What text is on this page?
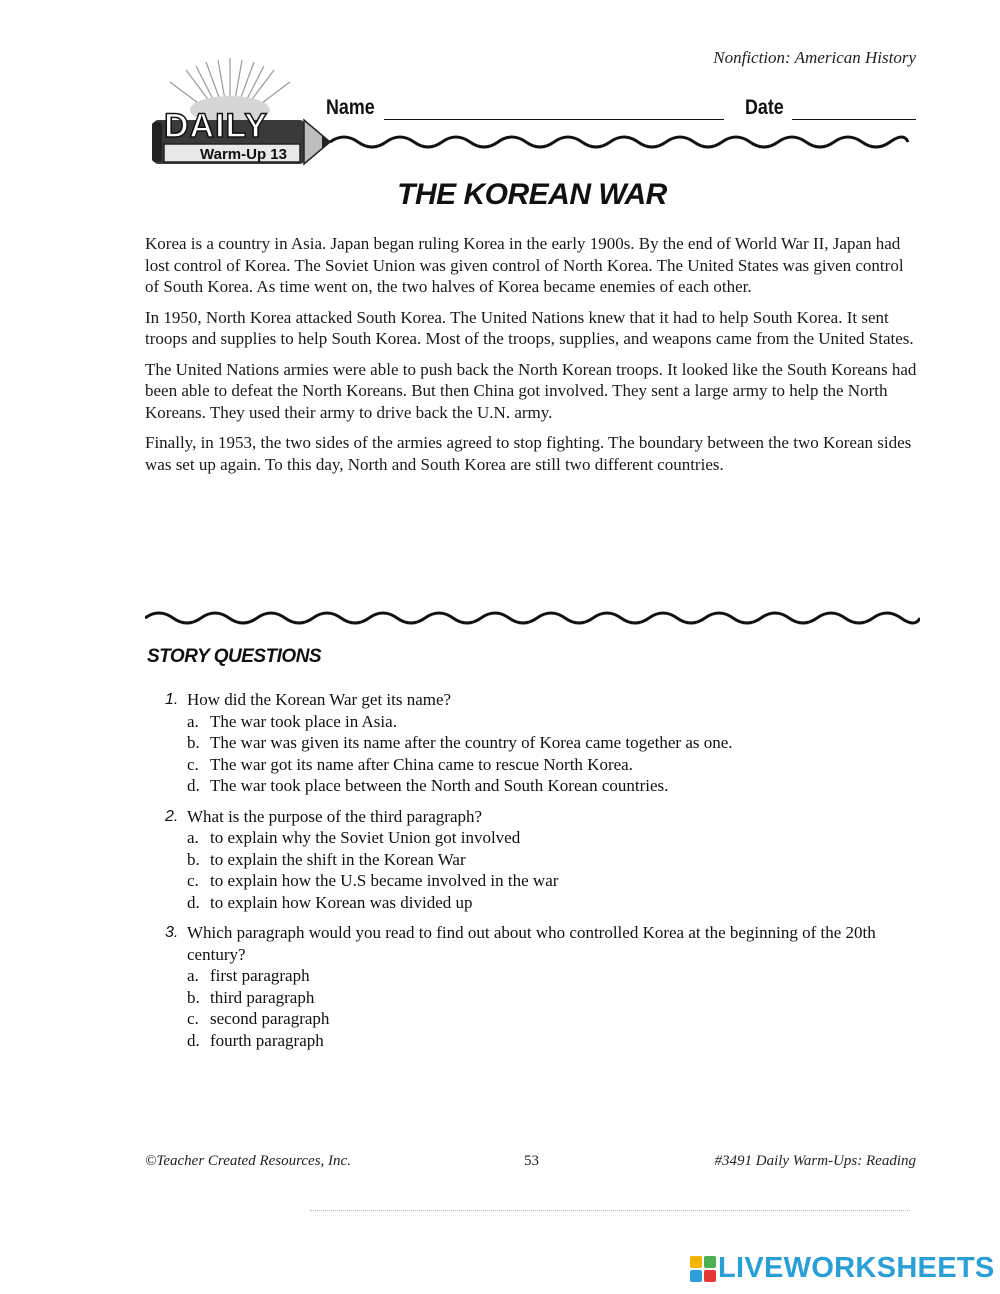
Nonfiction: American History
DAILY
Warm-Up 13
Name	Date
THE KOREAN WAR

Korea is a country in Asia. Japan began ruling Korea in the early 1900s. By the end of World War II, Japan had lost control of Korea. The Soviet Union was given control of North Korea. The United States was given control of South Korea. As time went on, the two halves of Korea became enemies of each other.

In 1950, North Korea attacked South Korea. The United Nations knew that it had to help South Korea. It sent troops and supplies to help South Korea. Most of the troops, supplies, and weapons came from the United States.

The United Nations armies were able to push back the North Korean troops. It looked like the South Koreans had been able to defeat the North Koreans. But then China got involved. They sent a large army to help the North Koreans. They used their army to drive back the U.N. army.

Finally, in 1953, the two sides of the armies agreed to stop fighting. The boundary between the two Korean sides was set up again. To this day, North and South Korea are still two different countries.

STORY QUESTIONS
1. How did the Korean War get its name?
a. The war took place in Asia.
b. The war was given its name after the country of Korea came together as one.
c. The war got its name after China came to rescue North Korea.
d. The war took place between the North and South Korean countries.
2. What is the purpose of the third paragraph?
a. to explain why the Soviet Union got involved
b. to explain the shift in the Korean War
c. to explain how the U.S became involved in the war
d. to explain how Korean was divided up
3. Which paragraph would you read to find out about who controlled Korea at the beginning of the 20th century?
a. first paragraph
b. third paragraph
c. second paragraph
d. fourth paragraph
©Teacher Created Resources, Inc.	53	#3491 Daily Warm-Ups: Reading
LIVEWORKSHEETS
